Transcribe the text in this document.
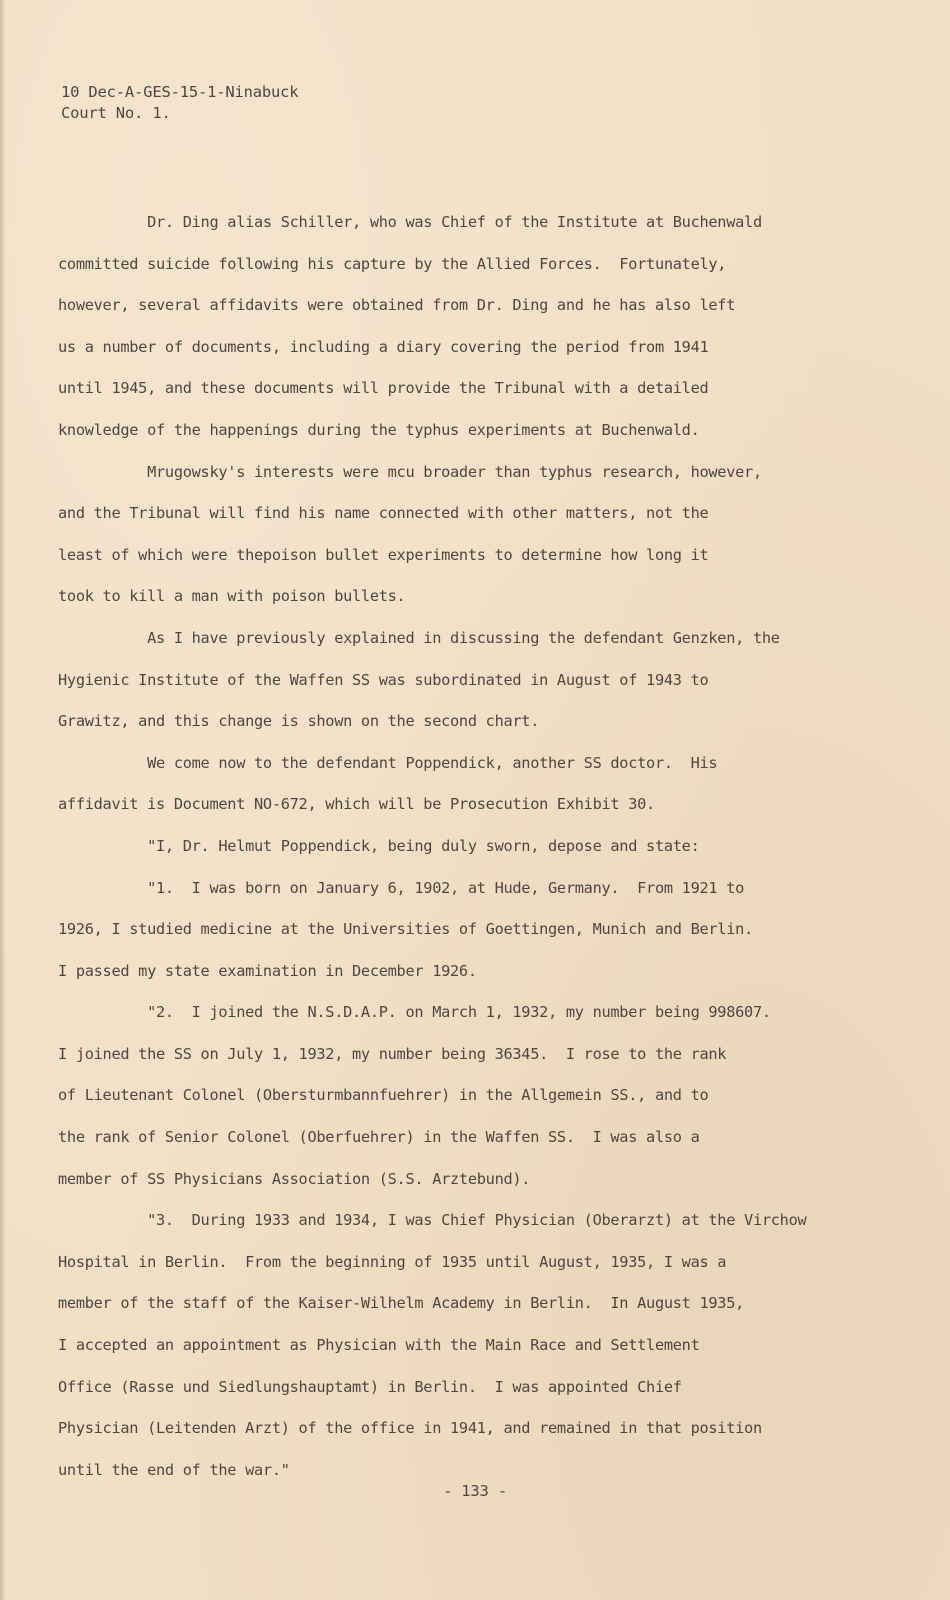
10 Dec-A-GES-15-1-Ninabuck
Court No. 1.
Dr. Ding alias Schiller, who was Chief of the Institute at Buchenwald
committed suicide following his capture by the Allied Forces.  Fortunately,
however, several affidavits were obtained from Dr. Ding and he has also left
us a number of documents, including a diary covering the period from 1941
until 1945, and these documents will provide the Tribunal with a detailed
knowledge of the happenings during the typhus experiments at Buchenwald.
Mrugowsky's interests were mcu broader than typhus research, however,
and the Tribunal will find his name connected with other matters, not the
least of which were thepoison bullet experiments to determine how long it
took to kill a man with poison bullets.
As I have previously explained in discussing the defendant Genzken, the
Hygienic Institute of the Waffen SS was subordinated in August of 1943 to
Grawitz, and this change is shown on the second chart.
We come now to the defendant Poppendick, another SS doctor.  His
affidavit is Document NO-672, which will be Prosecution Exhibit 30.
"I, Dr. Helmut Poppendick, being duly sworn, depose and state:
"1.  I was born on January 6, 1902, at Hude, Germany.  From 1921 to
1926, I studied medicine at the Universities of Goettingen, Munich and Berlin.
I passed my state examination in December 1926.
"2.  I joined the N.S.D.A.P. on March 1, 1932, my number being 998607.
I joined the SS on July 1, 1932, my number being 36345.  I rose to the rank
of Lieutenant Colonel (Obersturmbannfuehrer) in the Allgemein SS., and to
the rank of Senior Colonel (Oberfuehrer) in the Waffen SS.  I was also a
member of SS Physicians Association (S.S. Arztebund).
"3.  During 1933 and 1934, I was Chief Physician (Oberarzt) at the Virchow
Hospital in Berlin.  From the beginning of 1935 until August, 1935, I was a
member of the staff of the Kaiser-Wilhelm Academy in Berlin.  In August 1935,
I accepted an appointment as Physician with the Main Race and Settlement
Office (Rasse und Siedlungshauptamt) in Berlin.  I was appointed Chief
Physician (Leitenden Arzt) of the office in 1941, and remained in that position
until the end of the war."
- 133 -
